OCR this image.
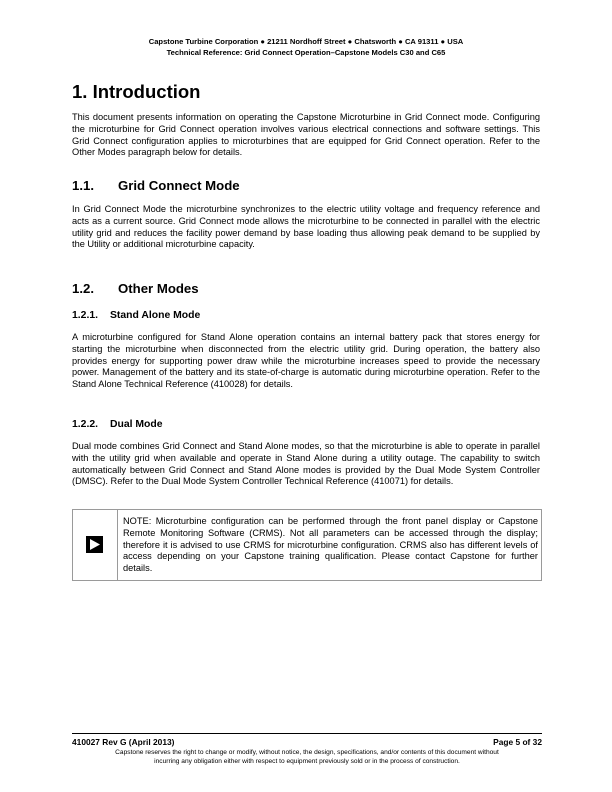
Capstone Turbine Corporation ● 21211 Nordhoff Street ● Chatsworth ● CA 91311 ● USA
Technical Reference: Grid Connect Operation–Capstone Models C30 and C65
1. Introduction

This document presents information on operating the Capstone Microturbine in Grid Connect mode. Configuring the microturbine for Grid Connect operation involves various electrical connections and software settings. This Grid Connect configuration applies to microturbines that are equipped for Grid Connect operation. Refer to the Other Modes paragraph below for details.

1.1. Grid Connect Mode

In Grid Connect Mode the microturbine synchronizes to the electric utility voltage and frequency reference and acts as a current source. Grid Connect mode allows the microturbine to be connected in parallel with the electric utility grid and reduces the facility power demand by base loading thus allowing peak demand to be supplied by the Utility or additional microturbine capacity.

1.2. Other Modes
1.2.1. Stand Alone Mode

A microturbine configured for Stand Alone operation contains an internal battery pack that stores energy for starting the microturbine when disconnected from the electric utility grid. During operation, the battery also provides energy for supporting power draw while the microturbine increases speed to provide the necessary power. Management of the battery and its state-of-charge is automatic during microturbine operation. Refer to the Stand Alone Technical Reference (410028) for details.

1.2.2. Dual Mode

Dual mode combines Grid Connect and Stand Alone modes, so that the microturbine is able to operate in parallel with the utility grid when available and operate in Stand Alone during a utility outage. The capability to switch automatically between Grid Connect and Stand Alone modes is provided by the Dual Mode System Controller (DMSC). Refer to the Dual Mode System Controller Technical Reference (410071) for details.

NOTE: Microturbine configuration can be performed through the front panel display or Capstone Remote Monitoring Software (CRMS). Not all parameters can be accessed through the display; therefore it is advised to use CRMS for microturbine configuration. CRMS also has different levels of access depending on your Capstone training qualification. Please contact Capstone for further details.

410027 Rev G (April 2013)	Page 5 of 32
Capstone reserves the right to change or modify, without notice, the design, specifications, and/or contents of this document without
incurring any obligation either with respect to equipment previously sold or in the process of construction.
